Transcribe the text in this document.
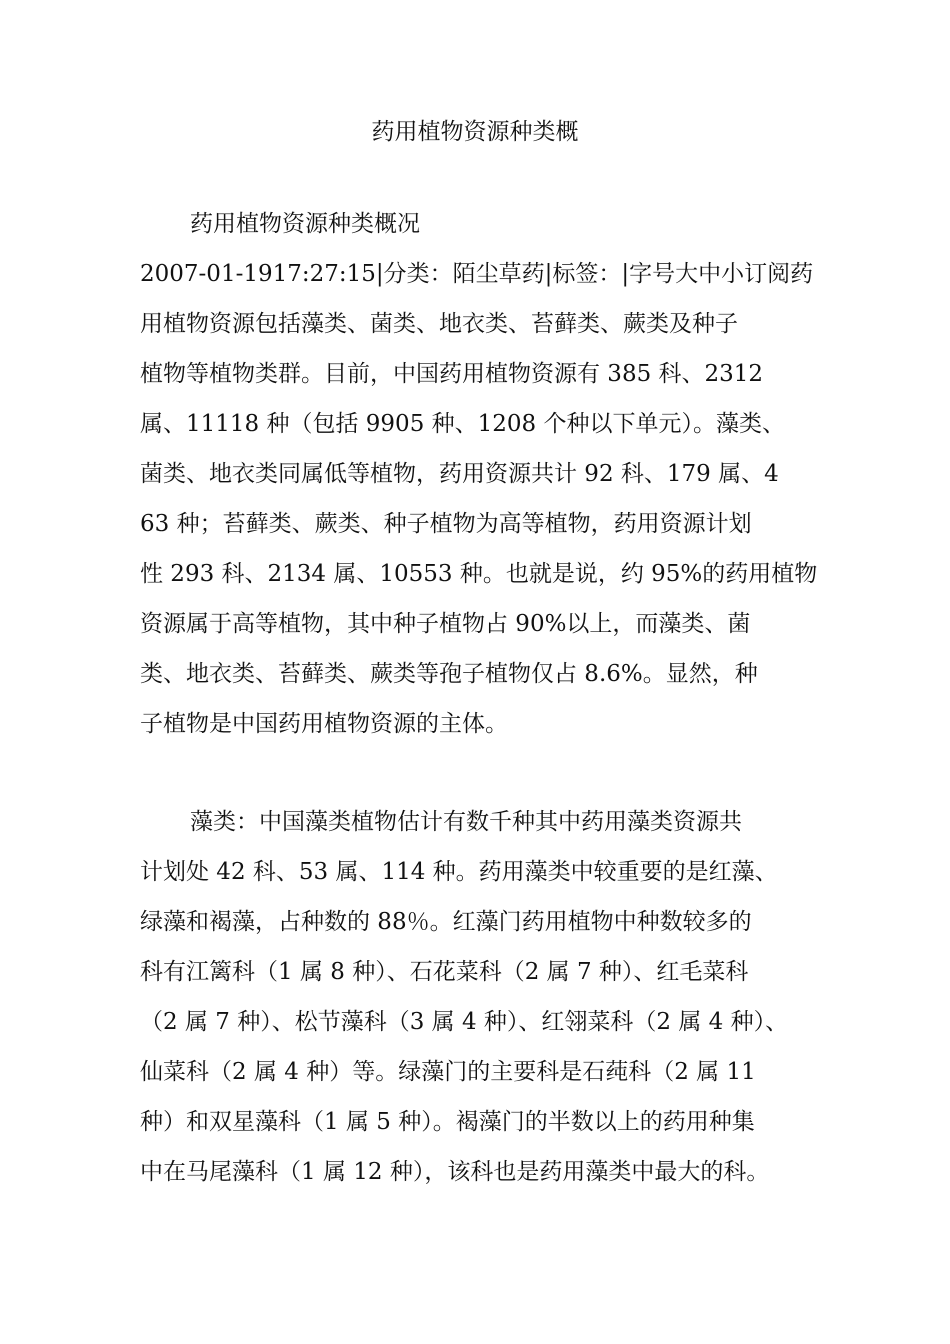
药用植物资源种类概
药用植物资源种类概况
2007-01-1917:27:15|分类：陌尘草药|标签：|字号大中小订阅药
用植物资源包括藻类、菌类、地衣类、苔藓类、蕨类及种子
植物等植物类群。目前，中国药用植物资源有 385 科、2312
属、11118 种（包括 9905 种、1208 个种以下单元）。藻类、
菌类、地衣类同属低等植物，药用资源共计 92 科、179 属、4
63 种；苔藓类、蕨类、种子植物为高等植物，药用资源计划
性 293 科、2134 属、10553 种。也就是说，约 95%的药用植物
资源属于高等植物，其中种子植物占 90%以上，而藻类、菌
类、地衣类、苔藓类、蕨类等孢子植物仅占 8.6%。显然，种
子植物是中国药用植物资源的主体。
藻类：中国藻类植物估计有数千种其中药用藻类资源共
计划处 42 科、53 属、114 种。药用藻类中较重要的是红藻、
绿藻和褐藻，占种数的 88％。红藻门药用植物中种数较多的
科有江篱科（1 属 8 种）、石花菜科（2 属 7 种）、红毛菜科
（2 属 7 种）、松节藻科（3 属 4 种）、红翎菜科（2 属 4 种）、
仙菜科（2 属 4 种）等。绿藻门的主要科是石莼科（2 属 11
种）和双星藻科（1 属 5 种）。褐藻门的半数以上的药用种集
中在马尾藻科（1 属 12 种），该科也是药用藻类中最大的科。
